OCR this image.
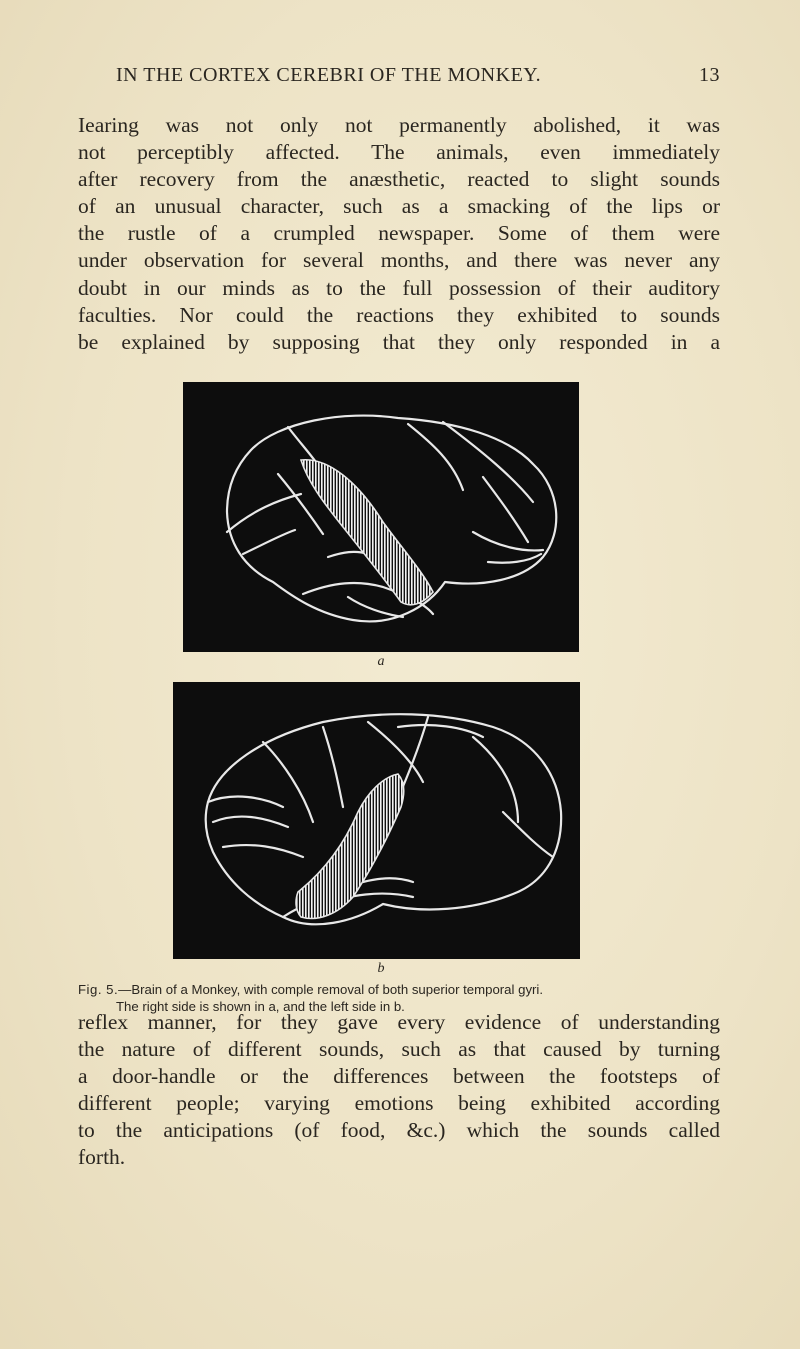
IN THE CORTEX CEREBRI OF THE MONKEY.	13

Iearing was not only not permanently abolished, it was

not perceptibly affected. The animals, even immediately

after recovery from the anæsthetic, reacted to slight sounds

of an unusual character, such as a smacking of the lips or

the rustle of a crumpled newspaper. Some of them were

under observation for several months, and there was never any

doubt in our minds as to the full possession of their auditory

faculties. Nor could the reactions they exhibited to sounds

be explained by supposing that they only responded in a

a
b
Fig. 5.—Brain of a Monkey, with comple removal of both superior temporal gyri.
The right side is shown in a, and the left side in b.

reflex manner, for they gave every evidence of understanding

the nature of different sounds, such as that caused by turning

a door-handle or the differences between the footsteps of

different people; varying emotions being exhibited according

to the anticipations (of food, &c.) which the sounds called

forth.
